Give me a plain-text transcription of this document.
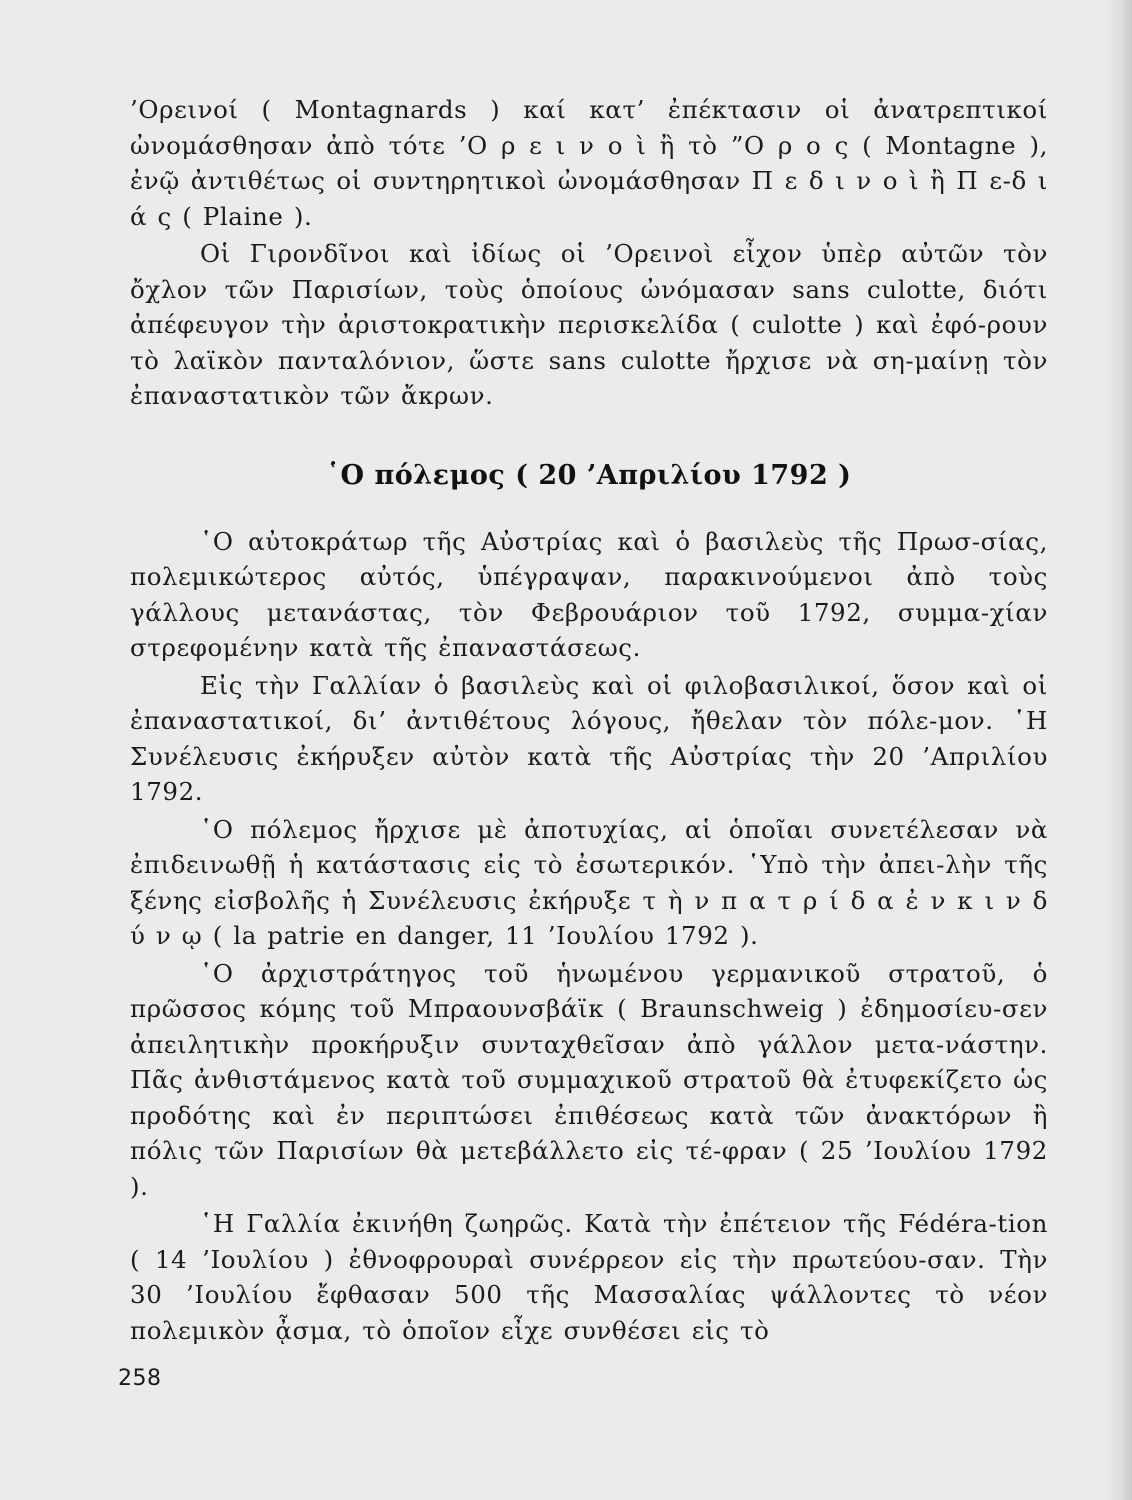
’Ορεινοί ( Montagnards ) καί κατ’ ἐπέκτασιν οἱ ἀνατρεπτικοί ὠνομάσθησαν ἀπὸ τότε ’Ο ρ ε ι ν ο ὶ ἢ τὸ ”Ο ρ ο ς ( Montagne ), ἐνῷ ἀντιθέτως οἱ συντηρητικοὶ ὠνομάσθησαν Π ε δ ι ν ο ὶ ἢ Π ε-δ ι ά ς ( Plaine ).

Οἱ Γιρονδῖνοι καὶ ἰδίως οἱ ’Ορεινοὶ εἶχον ὑπὲρ αὐτῶν τὸν ὄχλον τῶν Παρισίων, τοὺς ὁποίους ὠνόμασαν sans culotte, διότι ἀπέφευγον τὴν ἀριστοκρατικὴν περισκελίδα ( culotte ) καὶ ἐφό-ρουν τὸ λαϊκὸν πανταλόνιον, ὥστε sans culotte ἤρχισε νὰ ση-μαίνῃ τὸν ἐπαναστατικὸν τῶν ἄκρων.

῾Ο πόλεμος ( 20 ’Απριλίου 1792 )

῾Ο αὐτοκράτωρ τῆς Αὐστρίας καὶ ὁ βασιλεὺς τῆς Πρωσ-σίας, πολεμικώτερος αὐτός, ὑπέγραψαν, παρακινούμενοι ἀπὸ τοὺς γάλλους μετανάστας, τὸν Φεβρουάριον τοῦ 1792, συμμα-χίαν στρεφομένην κατὰ τῆς ἐπαναστάσεως.

Εἰς τὴν Γαλλίαν ὁ βασιλεὺς καὶ οἱ φιλοβασιλικοί, ὅσον καὶ οἱ ἐπαναστατικοί, δι’ ἀντιθέτους λόγους, ἤθελαν τὸν πόλε-μον. ῾Η Συνέλευσις ἐκήρυξεν αὐτὸν κατὰ τῆς Αὐστρίας τὴν 20 ’Απριλίου 1792.

῾Ο πόλεμος ἤρχισε μὲ ἀποτυχίας, αἱ ὁποῖαι συνετέλεσαν νὰ ἐπιδεινωθῇ ἡ κατάστασις εἰς τὸ ἐσωτερικόν. ῾Υπὸ τὴν ἀπει-λὴν τῆς ξένης εἰσβολῆς ἡ Συνέλευσις ἐκήρυξε τ ὴ ν π α τ ρ ί δ α ἐ ν κ ι ν δ ύ ν ῳ ( la patrie en danger, 11 ’Ιουλίου 1792 ).

῾Ο ἀρχιστράτηγος τοῦ ἡνωμένου γερμανικοῦ στρατοῦ, ὁ πρῶσσος κόμης τοῦ Μπραουνσβάϊκ ( Braunschweig ) ἐδημοσίευ-σεν ἀπειλητικὴν προκήρυξιν συνταχθεῖσαν ἀπὸ γάλλον μετα-νάστην. Πᾶς ἀνθιστάμενος κατὰ τοῦ συμμαχικοῦ στρατοῦ θὰ ἐτυφεκίζετο ὡς προδότης καὶ ἐν περιπτώσει ἐπιθέσεως κατὰ τῶν ἀνακτόρων ἢ πόλις τῶν Παρισίων θὰ μετεβάλλετο εἰς τέ-φραν ( 25 ’Ιουλίου 1792 ).

῾Η Γαλλία ἐκινήθη ζωηρῶς. Κατὰ τὴν ἐπέτειον τῆς Fédéra-tion ( 14 ’Ιουλίου ) ἐθνοφρουραὶ συνέρρεον εἰς τὴν πρωτεύου-σαν. Τὴν 30 ’Ιουλίου ἔφθασαν 500 τῆς Μασσαλίας ψάλλοντες τὸ νέον πολεμικὸν ᾆσμα, τὸ ὁποῖον εἶχε συνθέσει εἰς τὸ

258
